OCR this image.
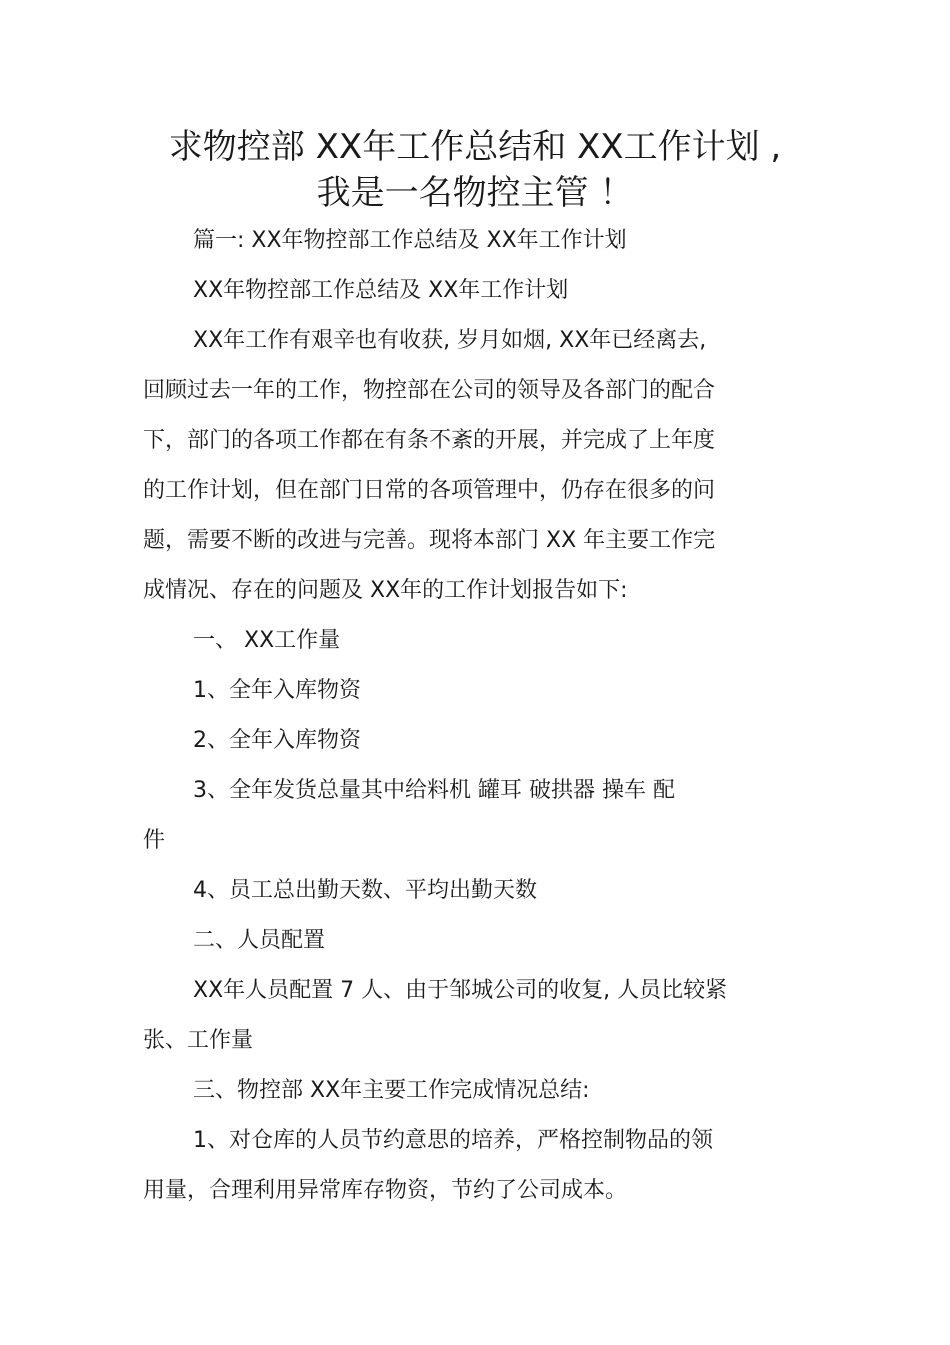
求物控部 XX年工作总结和 XX工作计划 ,
我是一名物控主管 ！
篇一: XX年物控部工作总结及 XX年工作计划
XX年物控部工作总结及 XX年工作计划
XX年工作有艰辛也有收获, 岁月如烟, XX年已经离去,
回顾过去一年的工作，物控部在公司的领导及各部门的配合
下，部门的各项工作都在有条不紊的开展，并完成了上年度
的工作计划，但在部门日常的各项管理中，仍存在很多的问
题，需要不断的改进与完善。现将本部门 XX 年主要工作完
成情况、存在的问题及 XX年的工作计划报告如下:
一、 XX工作量
1、全年入库物资
2、全年入库物资
3、全年发货总量其中给料机 罐耳 破拱器 操车 配
件
4、员工总出勤天数、平均出勤天数
二、人员配置
XX年人员配置 7 人、由于邹城公司的收复, 人员比较紧
张、工作量
三、物控部 XX年主要工作完成情况总结:
1、对仓库的人员节约意思的培养，严格控制物品的领
用量，合理利用异常库存物资，节约了公司成本。
